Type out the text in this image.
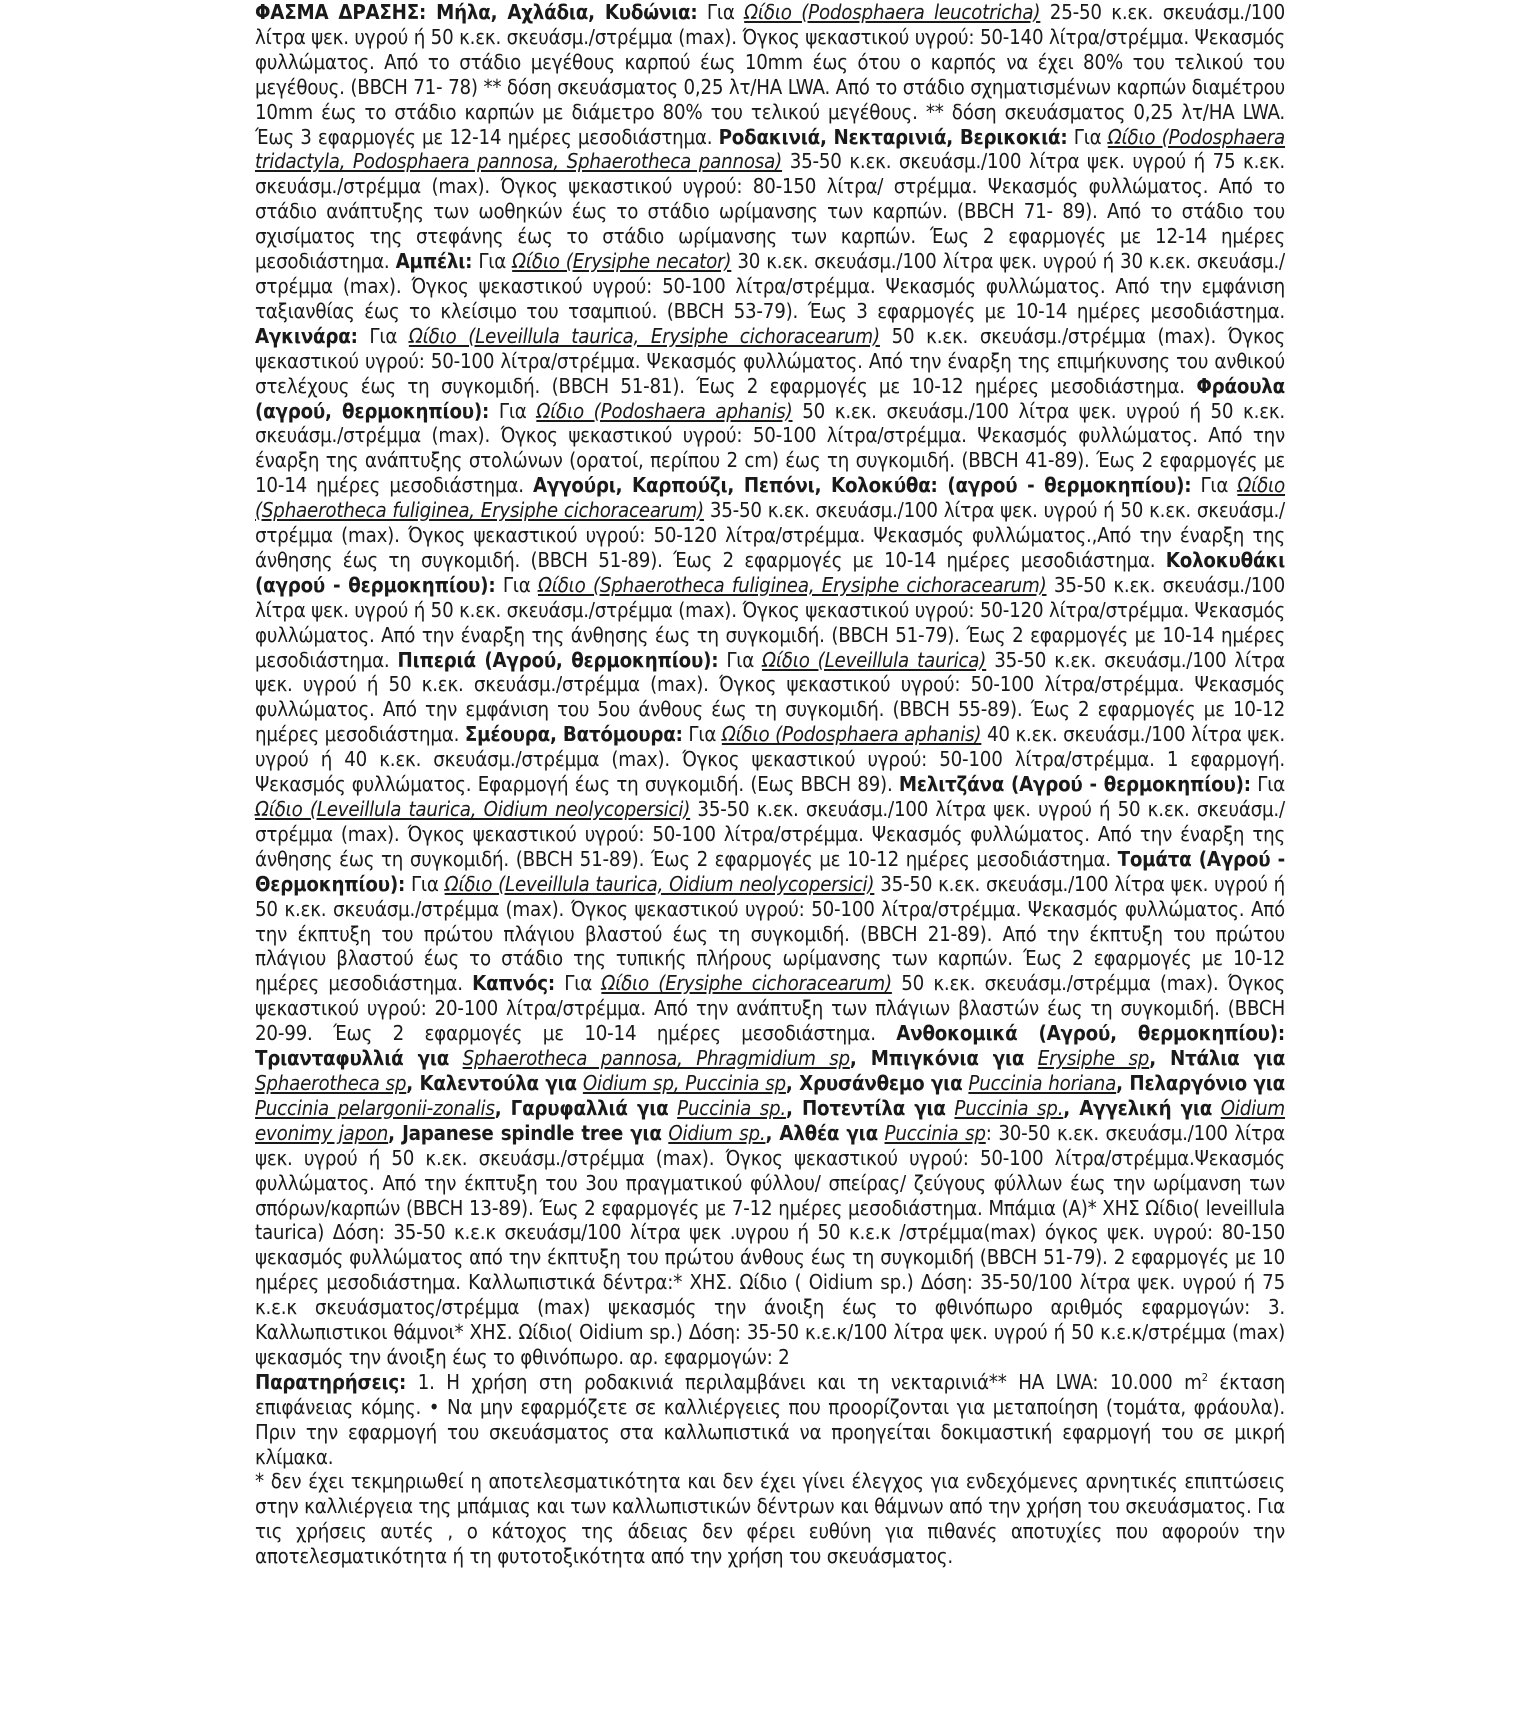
ΦΑΣΜΑ ΔΡΑΣΗΣ: Μήλα, Αχλάδια, Κυδώνια: Για Ωίδιο (Podosphaera leucotricha) 25-50 κ.εκ. σκευάσμ./100 λίτρα ψεκ. υγρού ή 50 κ.εκ. σκευάσμ./στρέμμα (max). Όγκος ψεκαστικού υγρού: 50-140 λίτρα/στρέμμα. Ψεκασμός φυλλώματος. Από το στάδιο μεγέθους καρπού έως 10mm έως ότου ο καρπός να έχει 80% του τελικού του μεγέθους. (BBCH 71- 78) ** δόση σκευάσματος 0,25 λτ/HA LWA. Από το στάδιο σχηματισμένων καρπών διαμέτρου 10mm έως το στάδιο καρπών με διάμετρο 80% του τελικού μεγέθους. ** δόση σκευάσματος 0,25 λτ/HA LWA. Έως 3 εφαρμογές με 12-14 ημέρες μεσοδιάστημα. Ροδακινιά, Νεκταρινιά, Βερικοκιά: Για Ωίδιο (Podosphaera tridactyla, Podosphaera pannosa, Sphaerotheca pannosa) 35-50 κ.εκ. σκευάσμ./100 λίτρα ψεκ. υγρού ή 75 κ.εκ. σκευάσμ./στρέμμα (max). Όγκος ψεκαστικού υγρού: 80-150 λίτρα/ στρέμμα. Ψεκασμός φυλλώματος. Από το στάδιο ανάπτυξης των ωοθηκών έως το στάδιο ωρίμανσης των καρπών. (BBCH 71- 89). Από το στάδιο του σχισίματος της στεφάνης έως το στάδιο ωρίμανσης των καρπών. Έως 2 εφαρμογές με 12-14 ημέρες μεσοδιάστημα. Αμπέλι: Για Ωίδιο (Erysiphe necator) 30 κ.εκ. σκευάσμ./100 λίτρα ψεκ. υγρού ή 30 κ.εκ. σκευάσμ./στρέμμα (max). Όγκος ψεκαστικού υγρού: 50-100 λίτρα/στρέμμα. Ψεκασμός φυλλώματος. Από την εμφάνιση ταξιανθίας έως το κλείσιμο του τσαμπιού. (BBCH 53-79). Έως 3 εφαρμογές με 10-14 ημέρες μεσοδιάστημα. Αγκινάρα: Για Ωίδιο (Leveillula taurica, Erysiphe cichoracearum) 50 κ.εκ. σκευάσμ./στρέμμα (max). Όγκος ψεκαστικού υγρού: 50-100 λίτρα/στρέμμα. Ψεκασμός φυλλώματος. Από την έναρξη της επιμήκυνσης του ανθικού στελέχους έως τη συγκομιδή. (BBCH 51-81). Έως 2 εφαρμογές με 10-12 ημέρες μεσοδιάστημα. Φράουλα (αγρού, θερμοκηπίου): Για Ωίδιο (Podoshaera aphanis) 50 κ.εκ. σκευάσμ./100 λίτρα ψεκ. υγρού ή 50 κ.εκ. σκευάσμ./στρέμμα (max). Όγκος ψεκαστικού υγρού: 50-100 λίτρα/στρέμμα. Ψεκασμός φυλλώματος. Από την έναρξη της ανάπτυξης στολώνων (ορατοί, περίπου 2 cm) έως τη συγκομιδή. (BBCH 41-89). Έως 2 εφαρμογές με 10-14 ημέρες μεσοδιάστημα. Αγγούρι, Καρπούζι, Πεπόνι, Κολοκύθα: (αγρού - θερμοκηπίου): Για Ωίδιο (Sphaerotheca fuliginea, Erysiphe cichoracearum) 35-50 κ.εκ. σκευάσμ./100 λίτρα ψεκ. υγρού ή 50 κ.εκ. σκευάσμ./στρέμμα (max). Όγκος ψεκαστικού υγρού: 50-120 λίτρα/στρέμμα. Ψεκασμός φυλλώματος.,Από την έναρξη της άνθησης έως τη συγκομιδή. (BBCH 51-89). Έως 2 εφαρμογές με 10-14 ημέρες μεσοδιάστημα. Κολοκυθάκι (αγρού - θερμοκηπίου): Για Ωίδιο (Sphaerotheca fuliginea, Erysiphe cichoracearum) 35-50 κ.εκ. σκευάσμ./100 λίτρα ψεκ. υγρού ή 50 κ.εκ. σκευάσμ./στρέμμα (max). Όγκος ψεκαστικού υγρού: 50-120 λίτρα/στρέμμα. Ψεκασμός φυλλώματος. Από την έναρξη της άνθησης έως τη συγκομιδή. (BBCH 51-79). Έως 2 εφαρμογές με 10-14 ημέρες μεσοδιάστημα. Πιπεριά (Αγρού, θερμοκηπίου): Για Ωίδιο (Leveillula taurica) 35-50 κ.εκ. σκευάσμ./100 λίτρα ψεκ. υγρού ή 50 κ.εκ. σκευάσμ./στρέμμα (max). Όγκος ψεκαστικού υγρού: 50-100 λίτρα/στρέμμα. Ψεκασμός φυλλώματος. Από την εμφάνιση του 5ου άνθους έως τη συγκομιδή. (BBCH 55-89). Έως 2 εφαρμογές με 10-12 ημέρες μεσοδιάστημα. Σμέουρα, Βατόμουρα: Για Ωίδιο (Podosphaera aphanis) 40 κ.εκ. σκευάσμ./100 λίτρα ψεκ. υγρού ή 40 κ.εκ. σκευάσμ./στρέμμα (max). Όγκος ψεκαστικού υγρού: 50-100 λίτρα/στρέμμα. 1 εφαρμογή. Ψεκασμός φυλλώματος. Εφαρμογή έως τη συγκομιδή. (Εως BBCH 89). Μελιτζάνα (Αγρού - θερμοκηπίου): Για Ωίδιο (Leveillula taurica, Oidium neolycopersici) 35-50 κ.εκ. σκευάσμ./100 λίτρα ψεκ. υγρού ή 50 κ.εκ. σκευάσμ./στρέμμα (max). Όγκος ψεκαστικού υγρού: 50-100 λίτρα/στρέμμα. Ψεκασμός φυλλώματος. Από την έναρξη της άνθησης έως τη συγκομιδή. (BBCH 51-89). Έως 2 εφαρμογές με 10-12 ημέρες μεσοδιάστημα. Τομάτα (Αγρού - Θερμοκηπίου): Για Ωίδιο (Leveillula taurica, Oidium neolycopersici) 35-50 κ.εκ. σκευάσμ./100 λίτρα ψεκ. υγρού ή 50 κ.εκ. σκευάσμ./στρέμμα (max). Όγκος ψεκαστικού υγρού: 50-100 λίτρα/στρέμμα. Ψεκασμός φυλλώματος. Από την έκπτυξη του πρώτου πλάγιου βλαστού έως τη συγκομιδή. (BBCH 21-89). Από την έκπτυξη του πρώτου πλάγιου βλαστού έως το στάδιο της τυπικής πλήρους ωρίμανσης των καρπών. Έως 2 εφαρμογές με 10-12 ημέρες μεσοδιάστημα. Καπνός: Για Ωίδιο (Erysiphe cichoracearum) 50 κ.εκ. σκευάσμ./στρέμμα (max). Όγκος ψεκαστικού υγρού: 20-100 λίτρα/στρέμμα. Από την ανάπτυξη των πλάγιων βλαστών έως τη συγκομιδή. (BBCH 20-99. Έως 2 εφαρμογές με 10-14 ημέρες μεσοδιάστημα. Ανθοκομικά (Αγρού, θερμοκηπίου): Τριανταφυλλιά για Sphaerotheca pannosa, Phragmidium sp, Μπιγκόνια για Erysiphe sp, Ντάλια για Sphaerotheca sp, Καλεντούλα για Oidium sp, Puccinia sp, Χρυσάνθεμο για Puccinia horiana, Πελαργόνιο για Puccinia pelargonii-zonalis, Γαρυφαλλιά για Puccinia sp., Ποτεντίλα για Puccinia sp., Αγγελική για Oidium evonimy japon, Japanese spindle tree για Oidium sp., Αλθέα για Puccinia sp: 30-50 κ.εκ. σκευάσμ./100 λίτρα ψεκ. υγρού ή 50 κ.εκ. σκευάσμ./στρέμμα (max). Όγκος ψεκαστικού υγρού: 50-100 λίτρα/στρέμμα.Ψεκασμός φυλλώματος. Από την έκπτυξη του 3ου πραγματικού φύλλου/ σπείρας/ ζεύγους φύλλων έως την ωρίμανση των σπόρων/καρπών (BBCH 13-89). Έως 2 εφαρμογές με 7-12 ημέρες μεσοδιάστημα. Μπάμια (Α)* ΧΗΣ Ωίδιο( leveillula taurica) Δόση: 35-50 κ.ε.κ σκευάσμ/100 λίτρα ψεκ .υγρου ή 50 κ.ε.κ /στρέμμα(max) όγκος ψεκ. υγρού: 80-150 ψεκασμός φυλλώματος από την έκπτυξη του πρώτου άνθους έως τη συγκομιδή (BBCH 51-79). 2 εφαρμογές με 10 ημέρες μεσοδιάστημα. Καλλωπιστικά δέντρα:* ΧΗΣ. Ωίδιο ( Oidium sp.) Δόση: 35-50/100 λίτρα ψεκ. υγρού ή 75 κ.ε.κ σκευάσματος/στρέμμα (max) ψεκασμός την άνοιξη έως το φθινόπωρο αριθμός εφαρμογών: 3. Καλλωπιστικοι θάμνοι* ΧΗΣ. Ωίδιο( Oidium sp.) Δόση: 35-50 κ.ε.κ/100 λίτρα ψεκ. υγρού ή 50 κ.ε.κ/στρέμμα (max) ψεκασμός την άνοιξη έως το φθινόπωρο. αρ. εφαρμογών: 2

Παρατηρήσεις: 1. Η χρήση στη ροδακινιά περιλαμβάνει και τη νεκταρινιά** HA LWA: 10.000 $m^2$ έκταση επιφάνειας κόμης. • Να μην εφαρμόζετε σε καλλιέργειες που προορίζονται για μεταποίηση (τομάτα, φράουλα). Πριν την εφαρμογή του σκευάσματος στα καλλωπιστικά να προηγείται δοκιμαστική εφαρμογή του σε μικρή κλίμακα.

* δεν έχει τεκμηριωθεί η αποτελεσματικότητα και δεν έχει γίνει έλεγχος για ενδεχόμενες αρνητικές επιπτώσεις στην καλλιέργεια της μπάμιας και των καλλωπιστικών δέντρων και θάμνων από την χρήση του σκευάσματος. Για τις χρήσεις αυτές , ο κάτοχος της άδειας δεν φέρει ευθύνη για πιθανές αποτυχίες που αφορούν την αποτελεσματικότητα ή τη φυτοτοξικότητα από την χρήση του σκευάσματος.
